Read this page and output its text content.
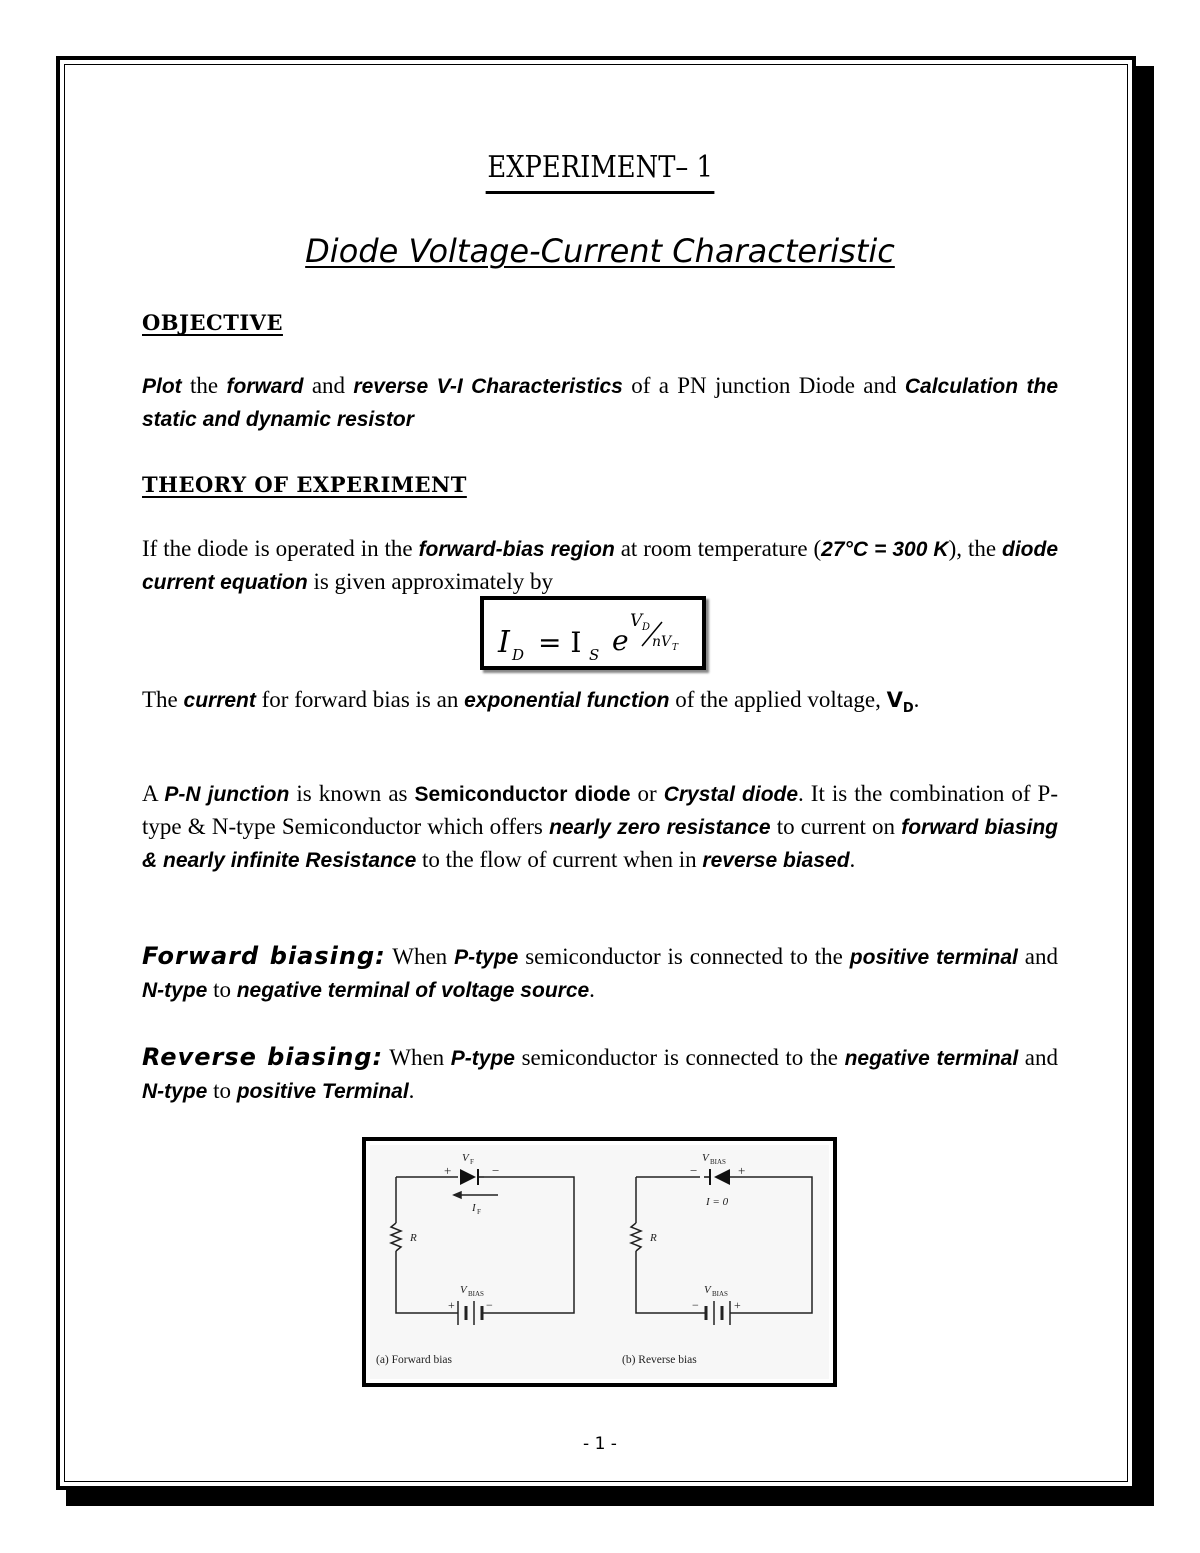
EXPERIMENT– 1
Diode Voltage-Current Characteristic
OBJECTIVE
Plot the forward and reverse V-I Characteristics of a PN junction Diode and Calculation the static and dynamic resistor
THEORY OF EXPERIMENT
If the diode is operated in the forward-bias region at room temperature (27°C = 300 K), the diode current equation is given approximately by
I D = I S e
V D
nV T
The current for forward bias is an exponential function of the applied voltage, $V_D$.
A P-N junction is known as Semiconductor diode or Crystal diode. It is the combination of P-type & N-type Semiconductor which offers nearly zero resistance to current on forward biasing & nearly infinite Resistance to the flow of current when in reverse biased.
Forward biasing: When P-type semiconductor is connected to the positive terminal and N-type to negative terminal of voltage source.
Reverse biasing: When P-type semiconductor is connected to the negative terminal and N-type to positive Terminal.
V F
+	−
I F
R
V BIAS
+	−
(a) Forward bias
V BIAS
−	+
I = 0
R
V BIAS
−	+
(b) Reverse bias
- 1 -
